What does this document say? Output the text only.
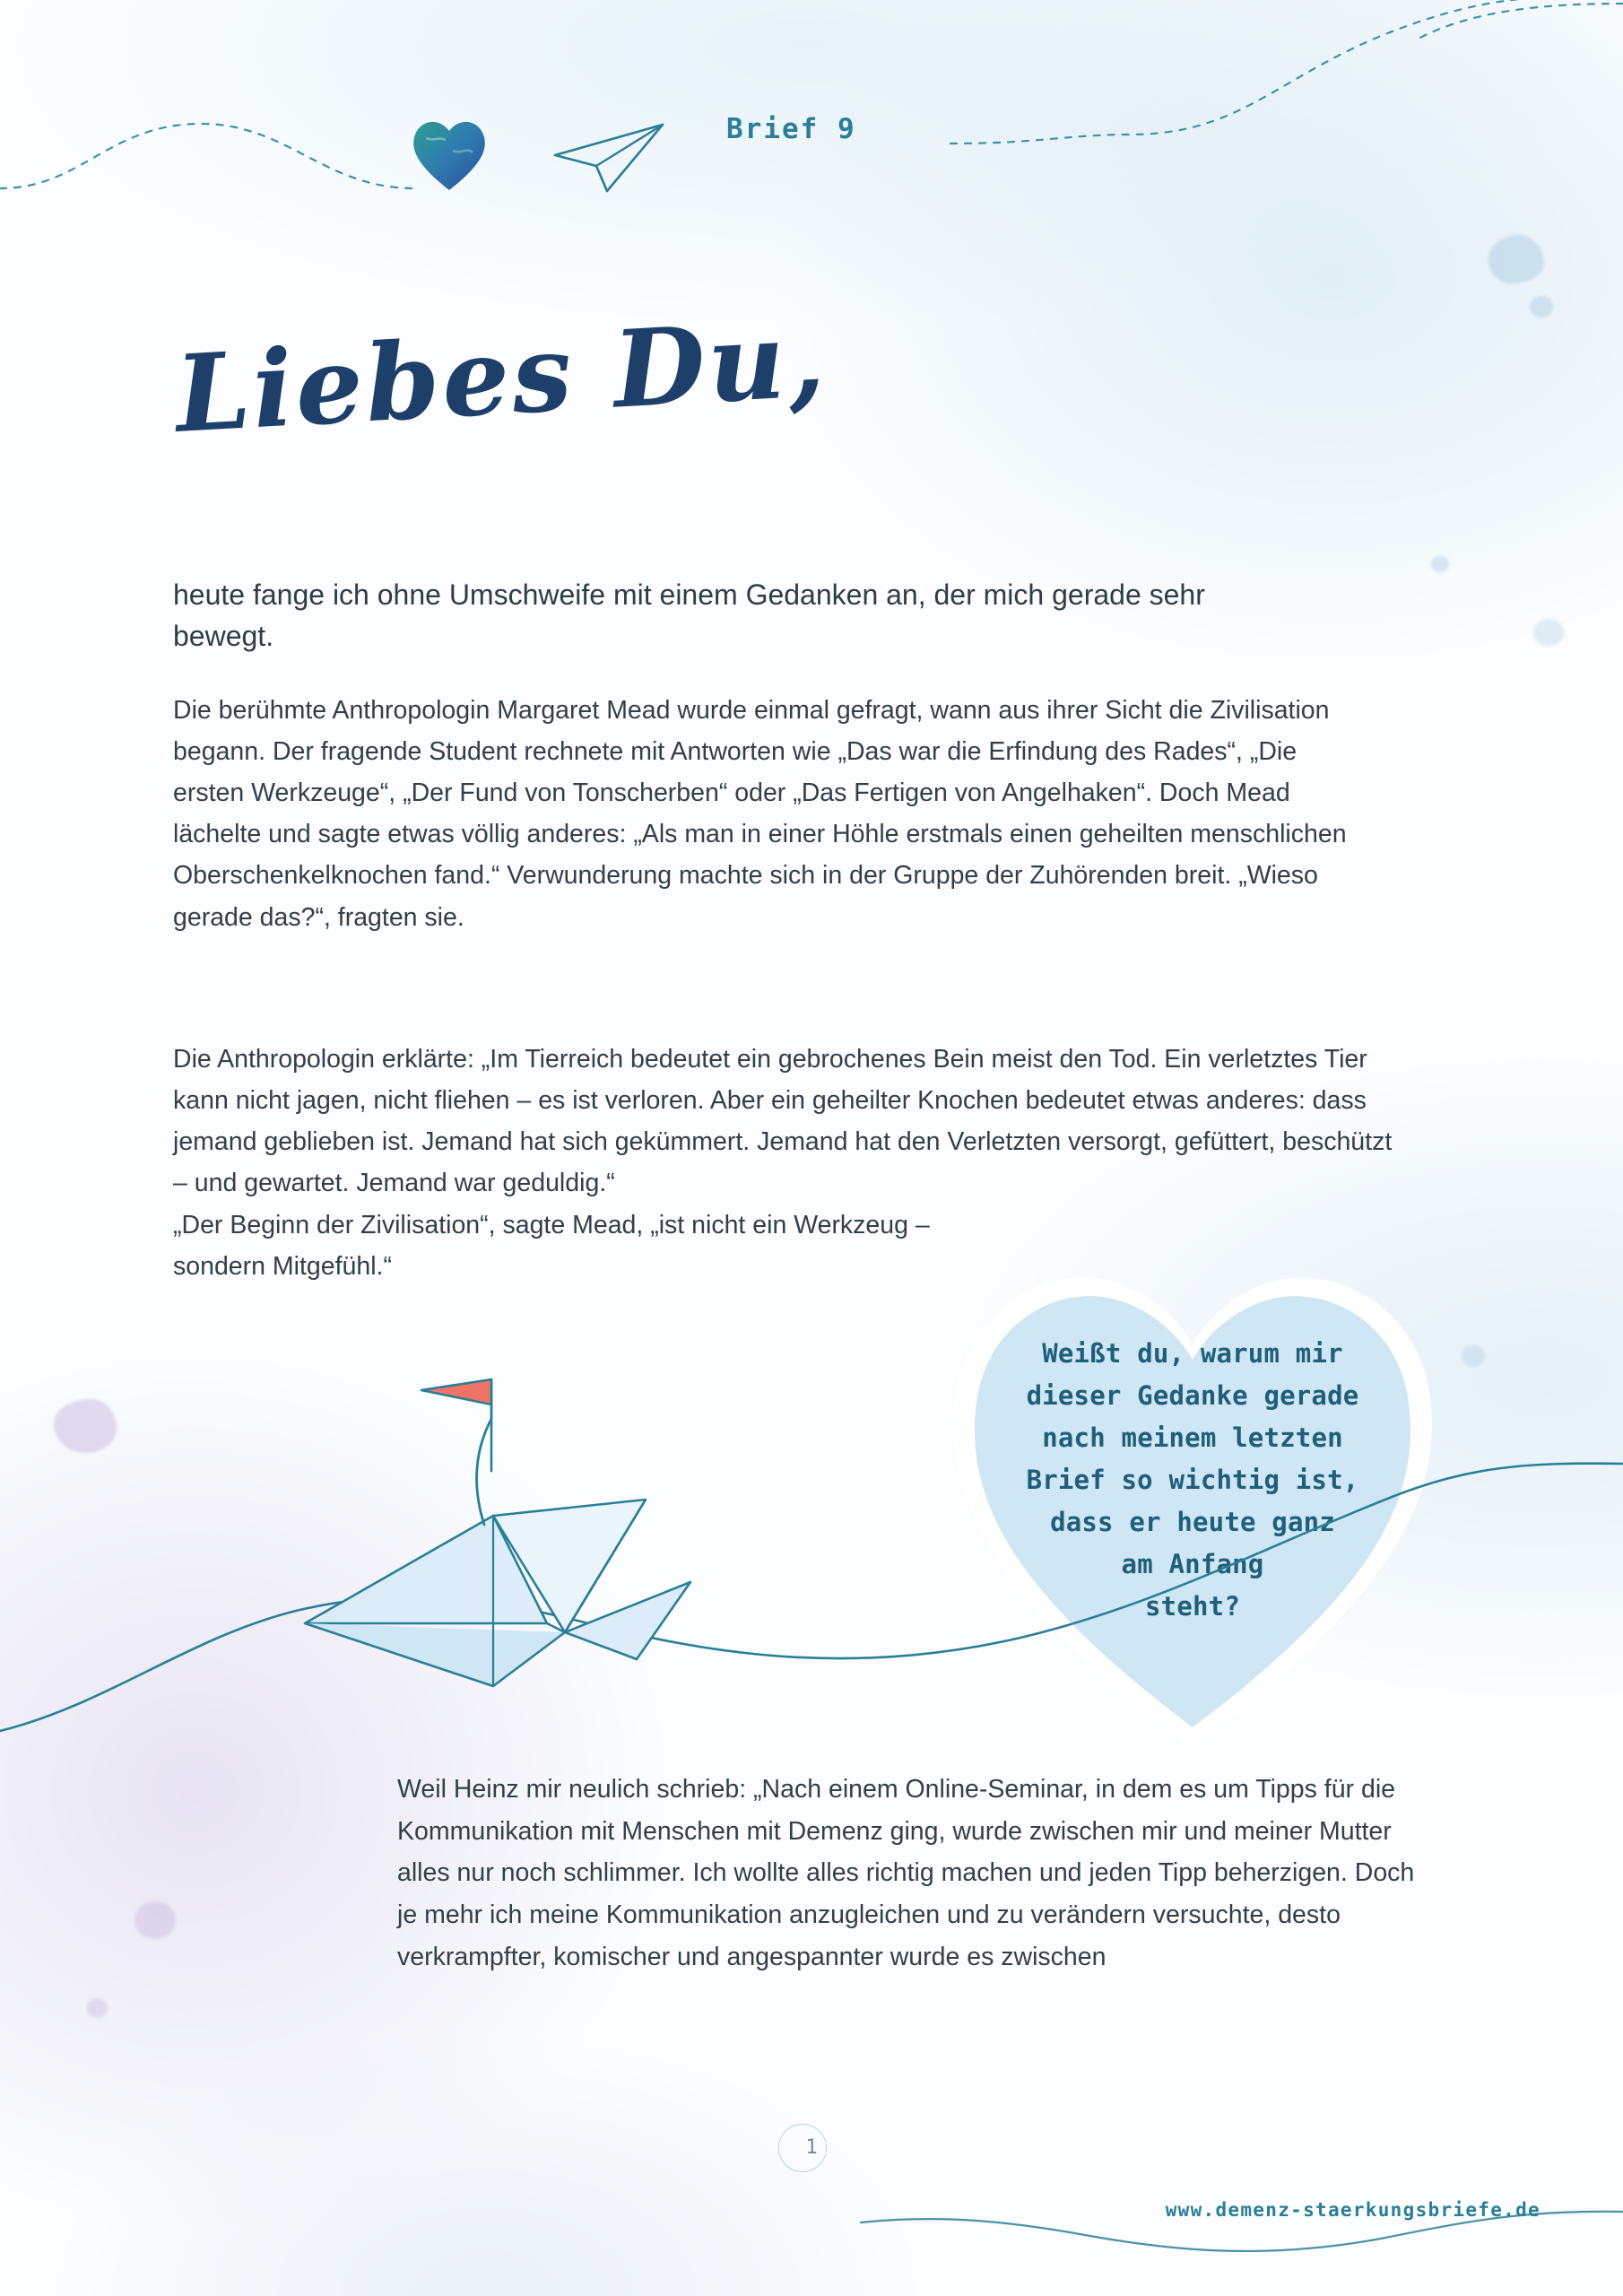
Brief 9
Liebes Du,

heute fange ich ohne Umschweife mit einem Gedanken an, der mich gerade sehr bewegt.

Die berühmte Anthropologin Margaret Mead wurde einmal gefragt, wann aus ihrer Sicht die Zivilisation begann. Der fragende Student rechnete mit Antworten wie „Das war die Erfindung des Rades“, „Die ersten Werkzeuge“, „Der Fund von Tonscherben“ oder „Das Fertigen von Angelhaken“. Doch Mead lächelte und sagte etwas völlig anderes: „Als man in einer Höhle erstmals einen geheilten menschlichen Oberschenkelknochen fand.“ Verwunderung machte sich in der Gruppe der Zuhörenden breit. „Wieso gerade das?“, fragten sie.

Die Anthropologin erklärte: „Im Tierreich bedeutet ein gebrochenes Bein meist den Tod. Ein verletztes Tier kann nicht jagen, nicht fliehen – es ist verloren. Aber ein geheilter Knochen bedeutet etwas anderes: dass jemand geblieben ist. Jemand hat sich gekümmert. Jemand hat den Verletzten versorgt, gefüttert, beschützt – und gewartet. Jemand war geduldig.“

„Der Beginn der Zivilisation“, sagte Mead, „ist nicht ein Werkzeug – sondern Mitgefühl.“

Weißt du, warum mir
dieser Gedanke gerade
nach meinem letzten
Brief so wichtig ist,
dass er heute ganz
am Anfang
steht?
Weil Heinz mir neulich schrieb: „Nach einem Online-Seminar, in dem es um Tipps für die Kommunikation mit Menschen mit Demenz ging, wurde zwischen mir und meiner Mutter alles nur noch schlimmer. Ich wollte alles richtig machen und jeden Tipp beherzigen. Doch je mehr ich meine Kommunikation anzugleichen und zu verändern versuchte, desto verkrampfter, komischer und angespannter wurde es zwischen
1
www.demenz-staerkungsbriefe.de
